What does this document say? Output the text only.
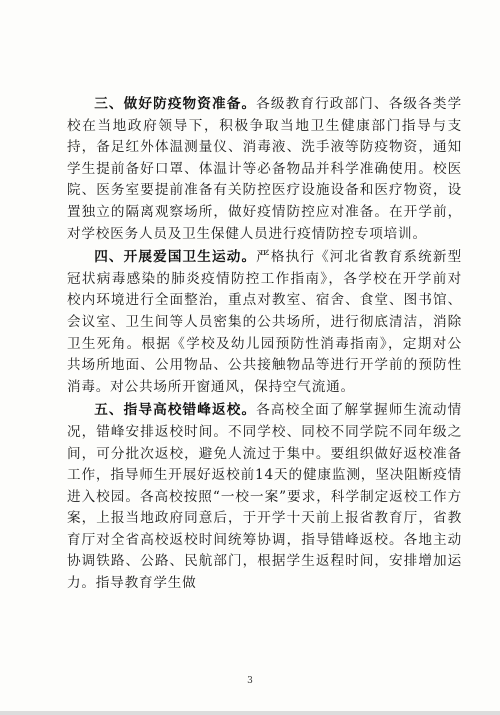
三、做好防疫物资准备。各级教育行政部门、各级各类学校在当地政府领导下，积极争取当地卫生健康部门指导与支持，备足红外体温测量仪、消毒液、洗手液等防疫物资，通知学生提前备好口罩、体温计等必备物品并科学准确使用。校医院、医务室要提前准备有关防控医疗设施设备和医疗物资，设置独立的隔离观察场所，做好疫情防控应对准备。在开学前，对学校医务人员及卫生保健人员进行疫情防控专项培训。

四、开展爱国卫生运动。严格执行《河北省教育系统新型冠状病毒感染的肺炎疫情防控工作指南》，各学校在开学前对校内环境进行全面整治，重点对教室、宿舍、食堂、图书馆、会议室、卫生间等人员密集的公共场所，进行彻底清洁，消除卫生死角。根据《学校及幼儿园预防性消毒指南》，定期对公共场所地面、公用物品、公共接触物品等进行开学前的预防性消毒。对公共场所开窗通风，保持空气流通。

五、指导高校错峰返校。各高校全面了解掌握师生流动情况，错峰安排返校时间。不同学校、同校不同学院不同年级之间，可分批次返校，避免人流过于集中。要组织做好返校准备工作，指导师生开展好返校前14天的健康监测，坚决阻断疫情进入校园。各高校按照“一校一案”要求，科学制定返校工作方案，上报当地政府同意后，于开学十天前上报省教育厅，省教育厅对全省高校返校时间统筹协调，指导错峰返校。各地主动协调铁路、公路、民航部门，根据学生返程时间，安排增加运力。指导教育学生做

3
